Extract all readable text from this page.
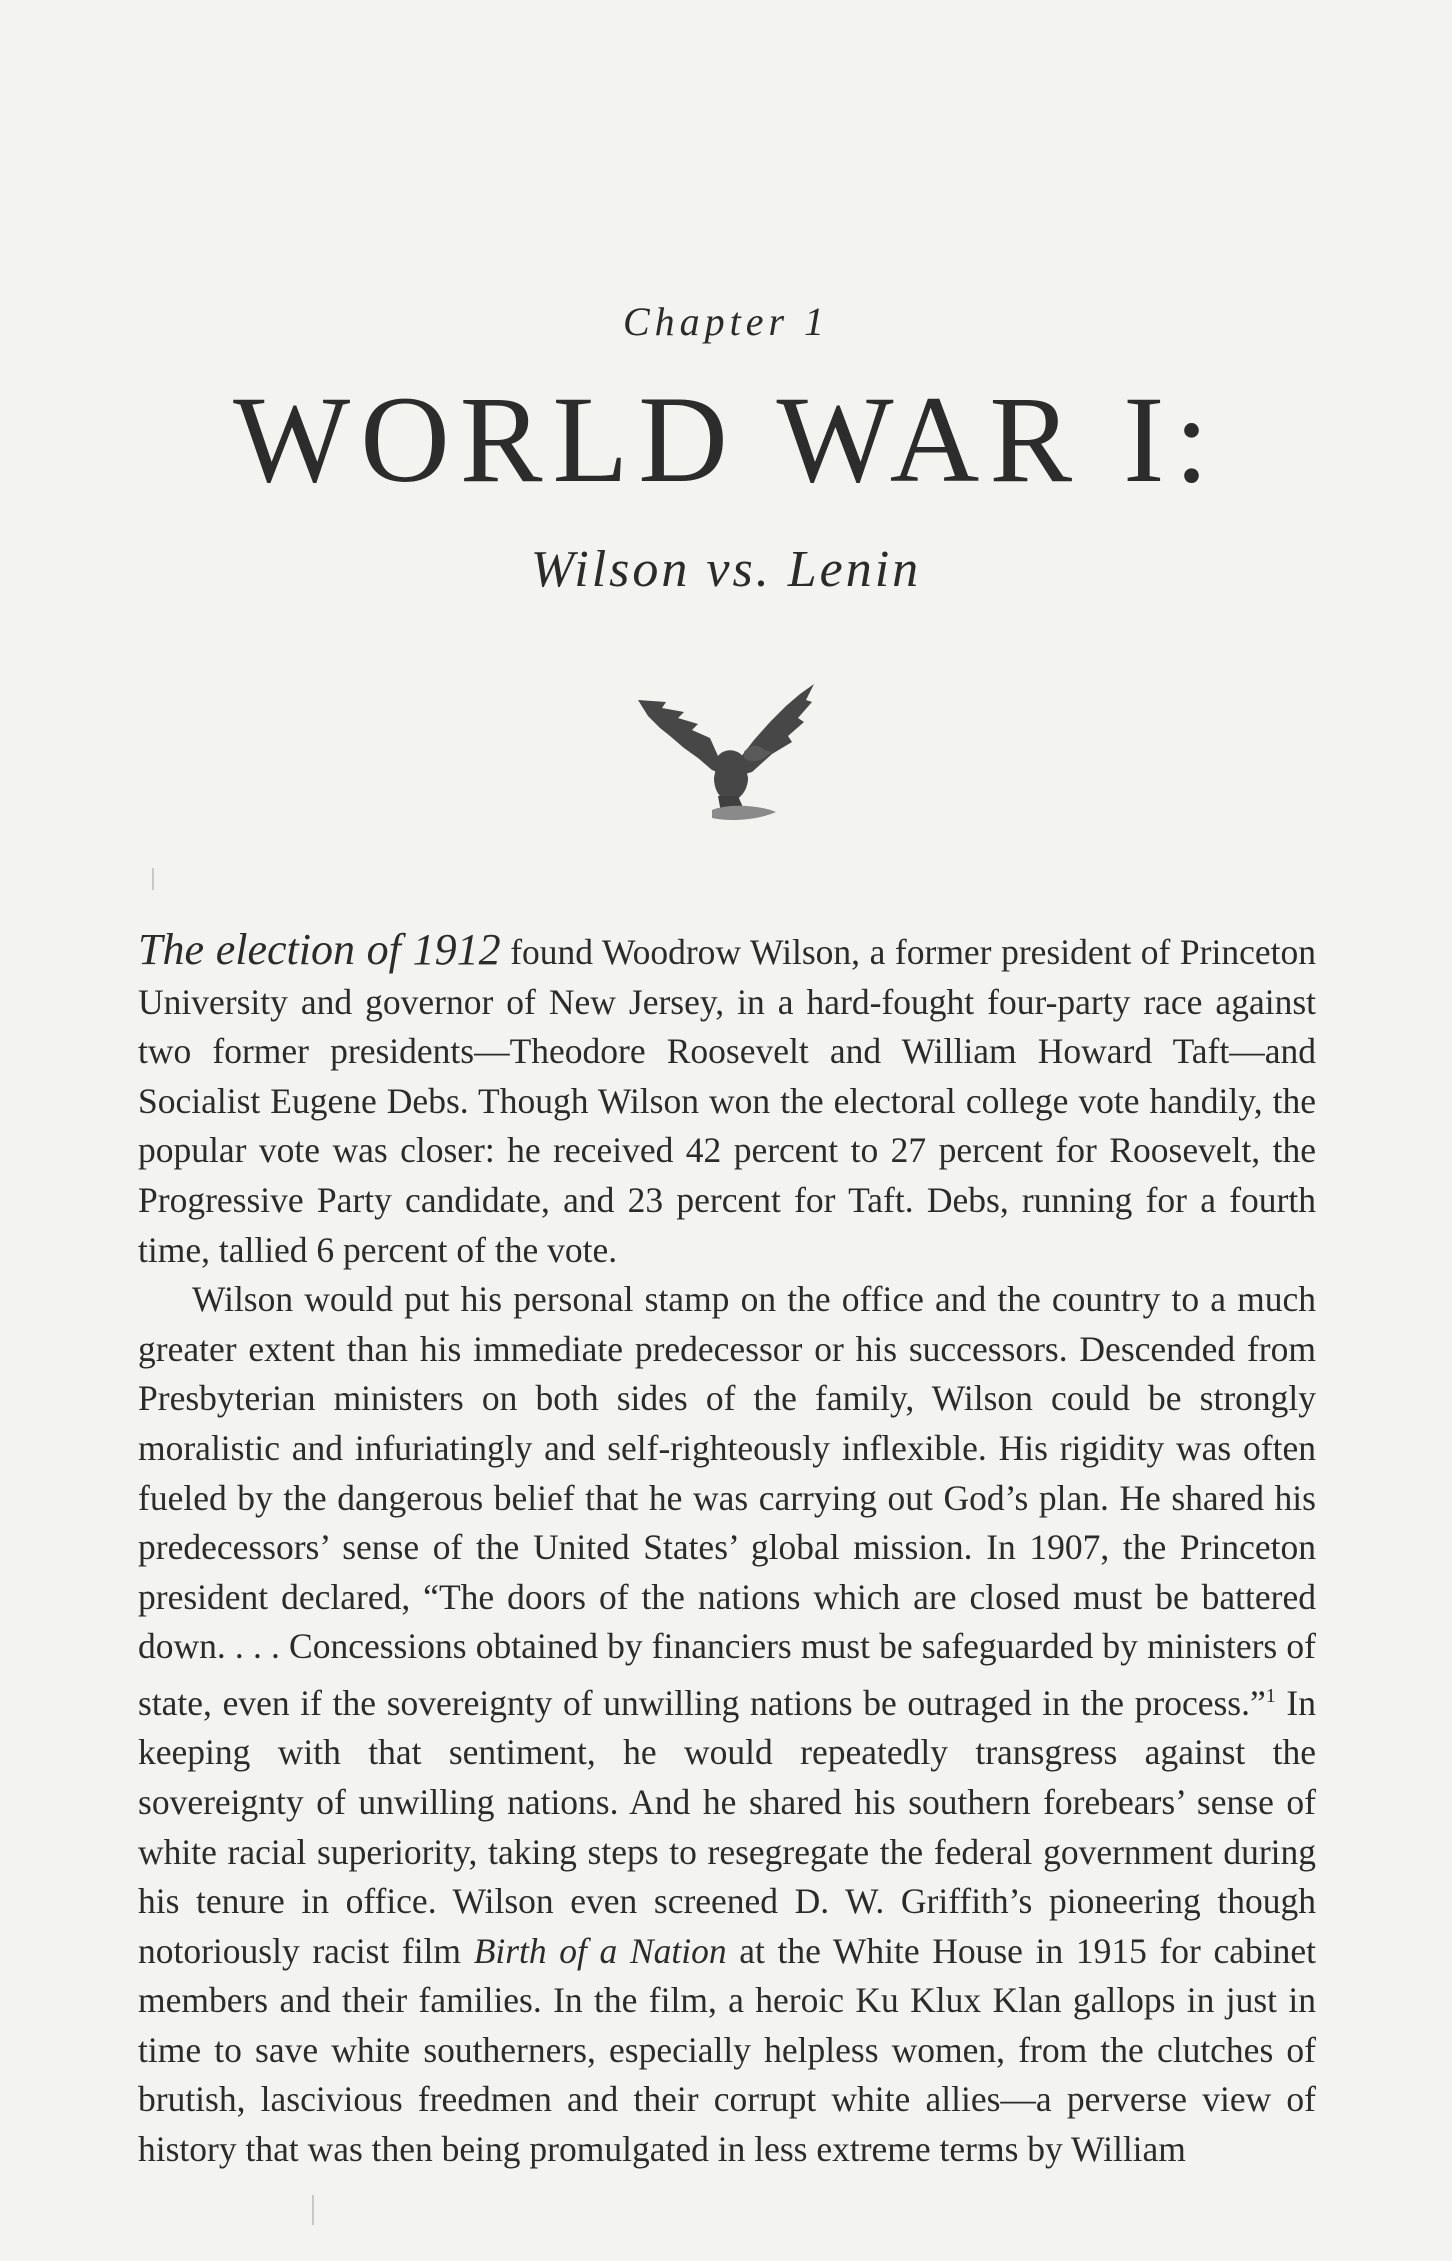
Chapter 1
WORLD WAR I:
Wilson vs. Lenin

The election of 1912 found Woodrow Wilson, a former president of Princeton University and governor of New Jersey, in a hard-fought four-party race against two former presidents—Theodore Roosevelt and William Howard Taft—and Socialist Eugene Debs. Though Wilson won the electoral college vote handily, the popular vote was closer: he received 42 percent to 27 percent for Roosevelt, the Progressive Party candidate, and 23 percent for Taft. Debs, running for a fourth time, tallied 6 percent of the vote.

Wilson would put his personal stamp on the office and the country to a much greater extent than his immediate predecessor or his successors. Descended from Presbyterian ministers on both sides of the family, Wilson could be strongly moralistic and infuriatingly and self-righteously inflexible. His rigidity was often fueled by the dangerous belief that he was carrying out God’s plan. He shared his predecessors’ sense of the United States’ global mission. In 1907, the Princeton president declared, “The doors of the nations which are closed must be battered down. . . . Concessions obtained by financiers must be safeguarded by ministers of state, even if the sovereignty of unwilling nations be outraged in the process.”$^1$ In keeping with that sentiment, he would repeatedly transgress against the sovereignty of unwilling nations. And he shared his southern forebears’ sense of white racial superiority, taking steps to resegregate the federal government during his tenure in office. Wilson even screened D. W. Griffith’s pioneering though notoriously racist film Birth of a Nation at the White House in 1915 for cabinet members and their families. In the film, a heroic Ku Klux Klan gallops in just in time to save white southerners, especially helpless women, from the clutches of brutish, lascivious freedmen and their corrupt white allies—a perverse view of history that was then being promulgated in less extreme terms by William
